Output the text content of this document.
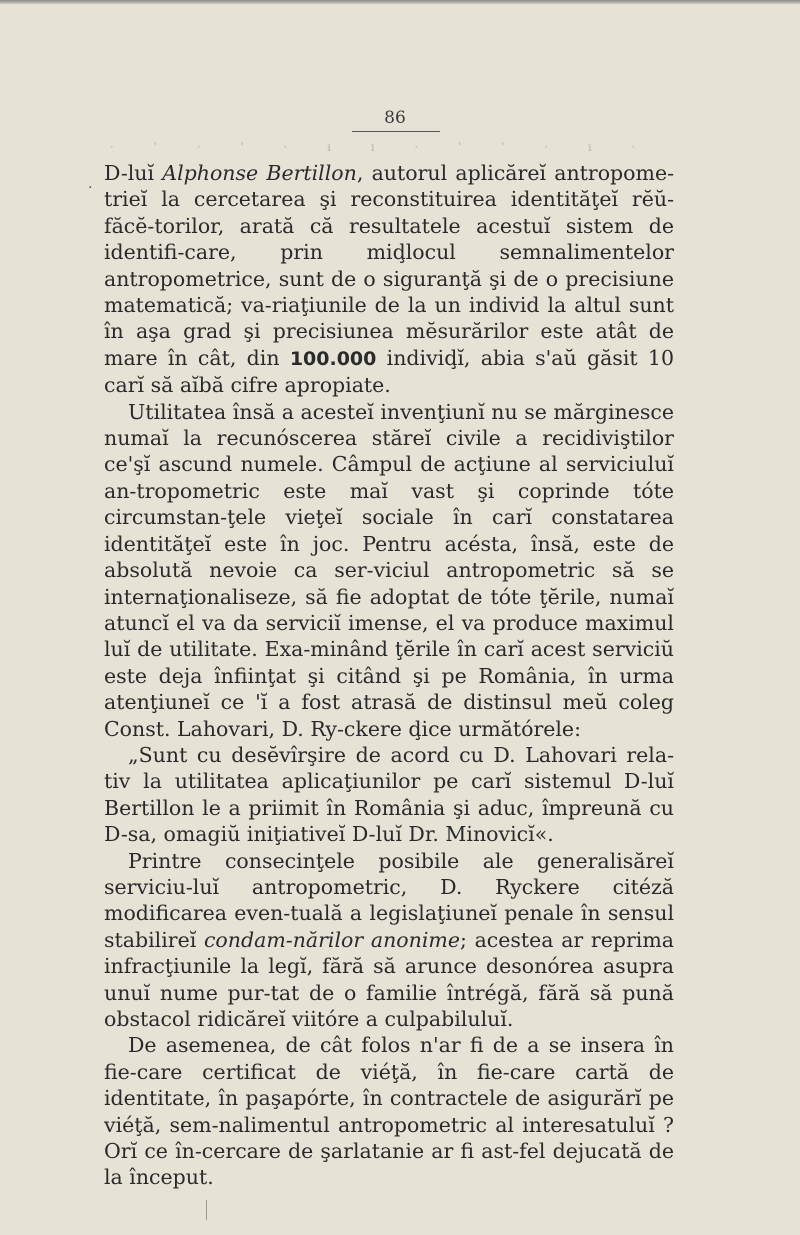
86
· ' · ' · ı ı · ' ' · ı ·
. D-luĭ Alphonse Bertillon, autorul aplicăreĭ antropome-trieĭ la cercetarea şi reconstituirea identităţeĭ rĕŭ-făcĕ-torilor, arată că resultatele acestuĭ sistem de identifi-care, prin miḑlocul semnalimentelor antropometrice, sunt de o siguranţă şi de o precisiune matematică; va-riaţiunile de la un individ la altul sunt în aşa grad şi precisiunea mĕsurărilor este atât de mare în cât, din 100.000 indiviḑĭ, abia s'aŭ găsit 10 carĭ să aĭbă cifre apropiate.

Utilitatea însă a acesteĭ invenţiunĭ nu se mărginesce numaĭ la recunóscerea stăreĭ civile a recidiviştilor ce'şĭ ascund numele. Câmpul de acţiune al serviciuluĭ an-tropometric este maĭ vast şi coprinde tóte circumstan-ţele vieţeĭ sociale în carĭ constatarea identităţeĭ este în joc. Pentru acésta, însă, este de absolută nevoie ca ser-viciul antropometric să se internaţionaliseze, să fie adoptat de tóte ţĕrile, numaĭ atuncĭ el va da serviciĭ imense, el va produce maximul luĭ de utilitate. Exa-minând ţĕrile în carĭ acest serviciŭ este deja înfiinţat şi citând şi pe România, în urma atenţiuneĭ ce 'ĭ a fost atrasă de distinsul meŭ coleg Const. Lahovari, D. Ry-ckere ḑice următórele:

„Sunt cu desĕvîrşire de acord cu D. Lahovari rela-tiv la utilitatea aplicaţiunilor pe carĭ sistemul D-luĭ Bertillon le a priimit în România şi aduc, împreună cu D-sa, omagiŭ iniţiativeĭ D-luĭ Dr. Minovicĭ«.

Printre consecinţele posibile ale generalisăreĭ serviciu-luĭ antropometric, D. Ryckere citéză modificarea even-tuală a legislaţiuneĭ penale în sensul stabilireĭ condam-nărilor anonime; acestea ar reprima infracţiunile la legĭ, fără să arunce desonórea asupra unuĭ nume pur-tat de o familie întrégă, fără să pună obstacol ridicăreĭ viitóre a culpabiluluĭ.

De asemenea, de cât folos n'ar fi de a se insera în fie-care certificat de viéţă, în fie-care cartă de identitate, în paşapórte, în contractele de asigurărĭ pe viéţă, sem-nalimentul antropometric al interesatuluĭ ? Orĭ ce în-cercare de şarlatanie ar fi ast-fel dejucată de la început.
